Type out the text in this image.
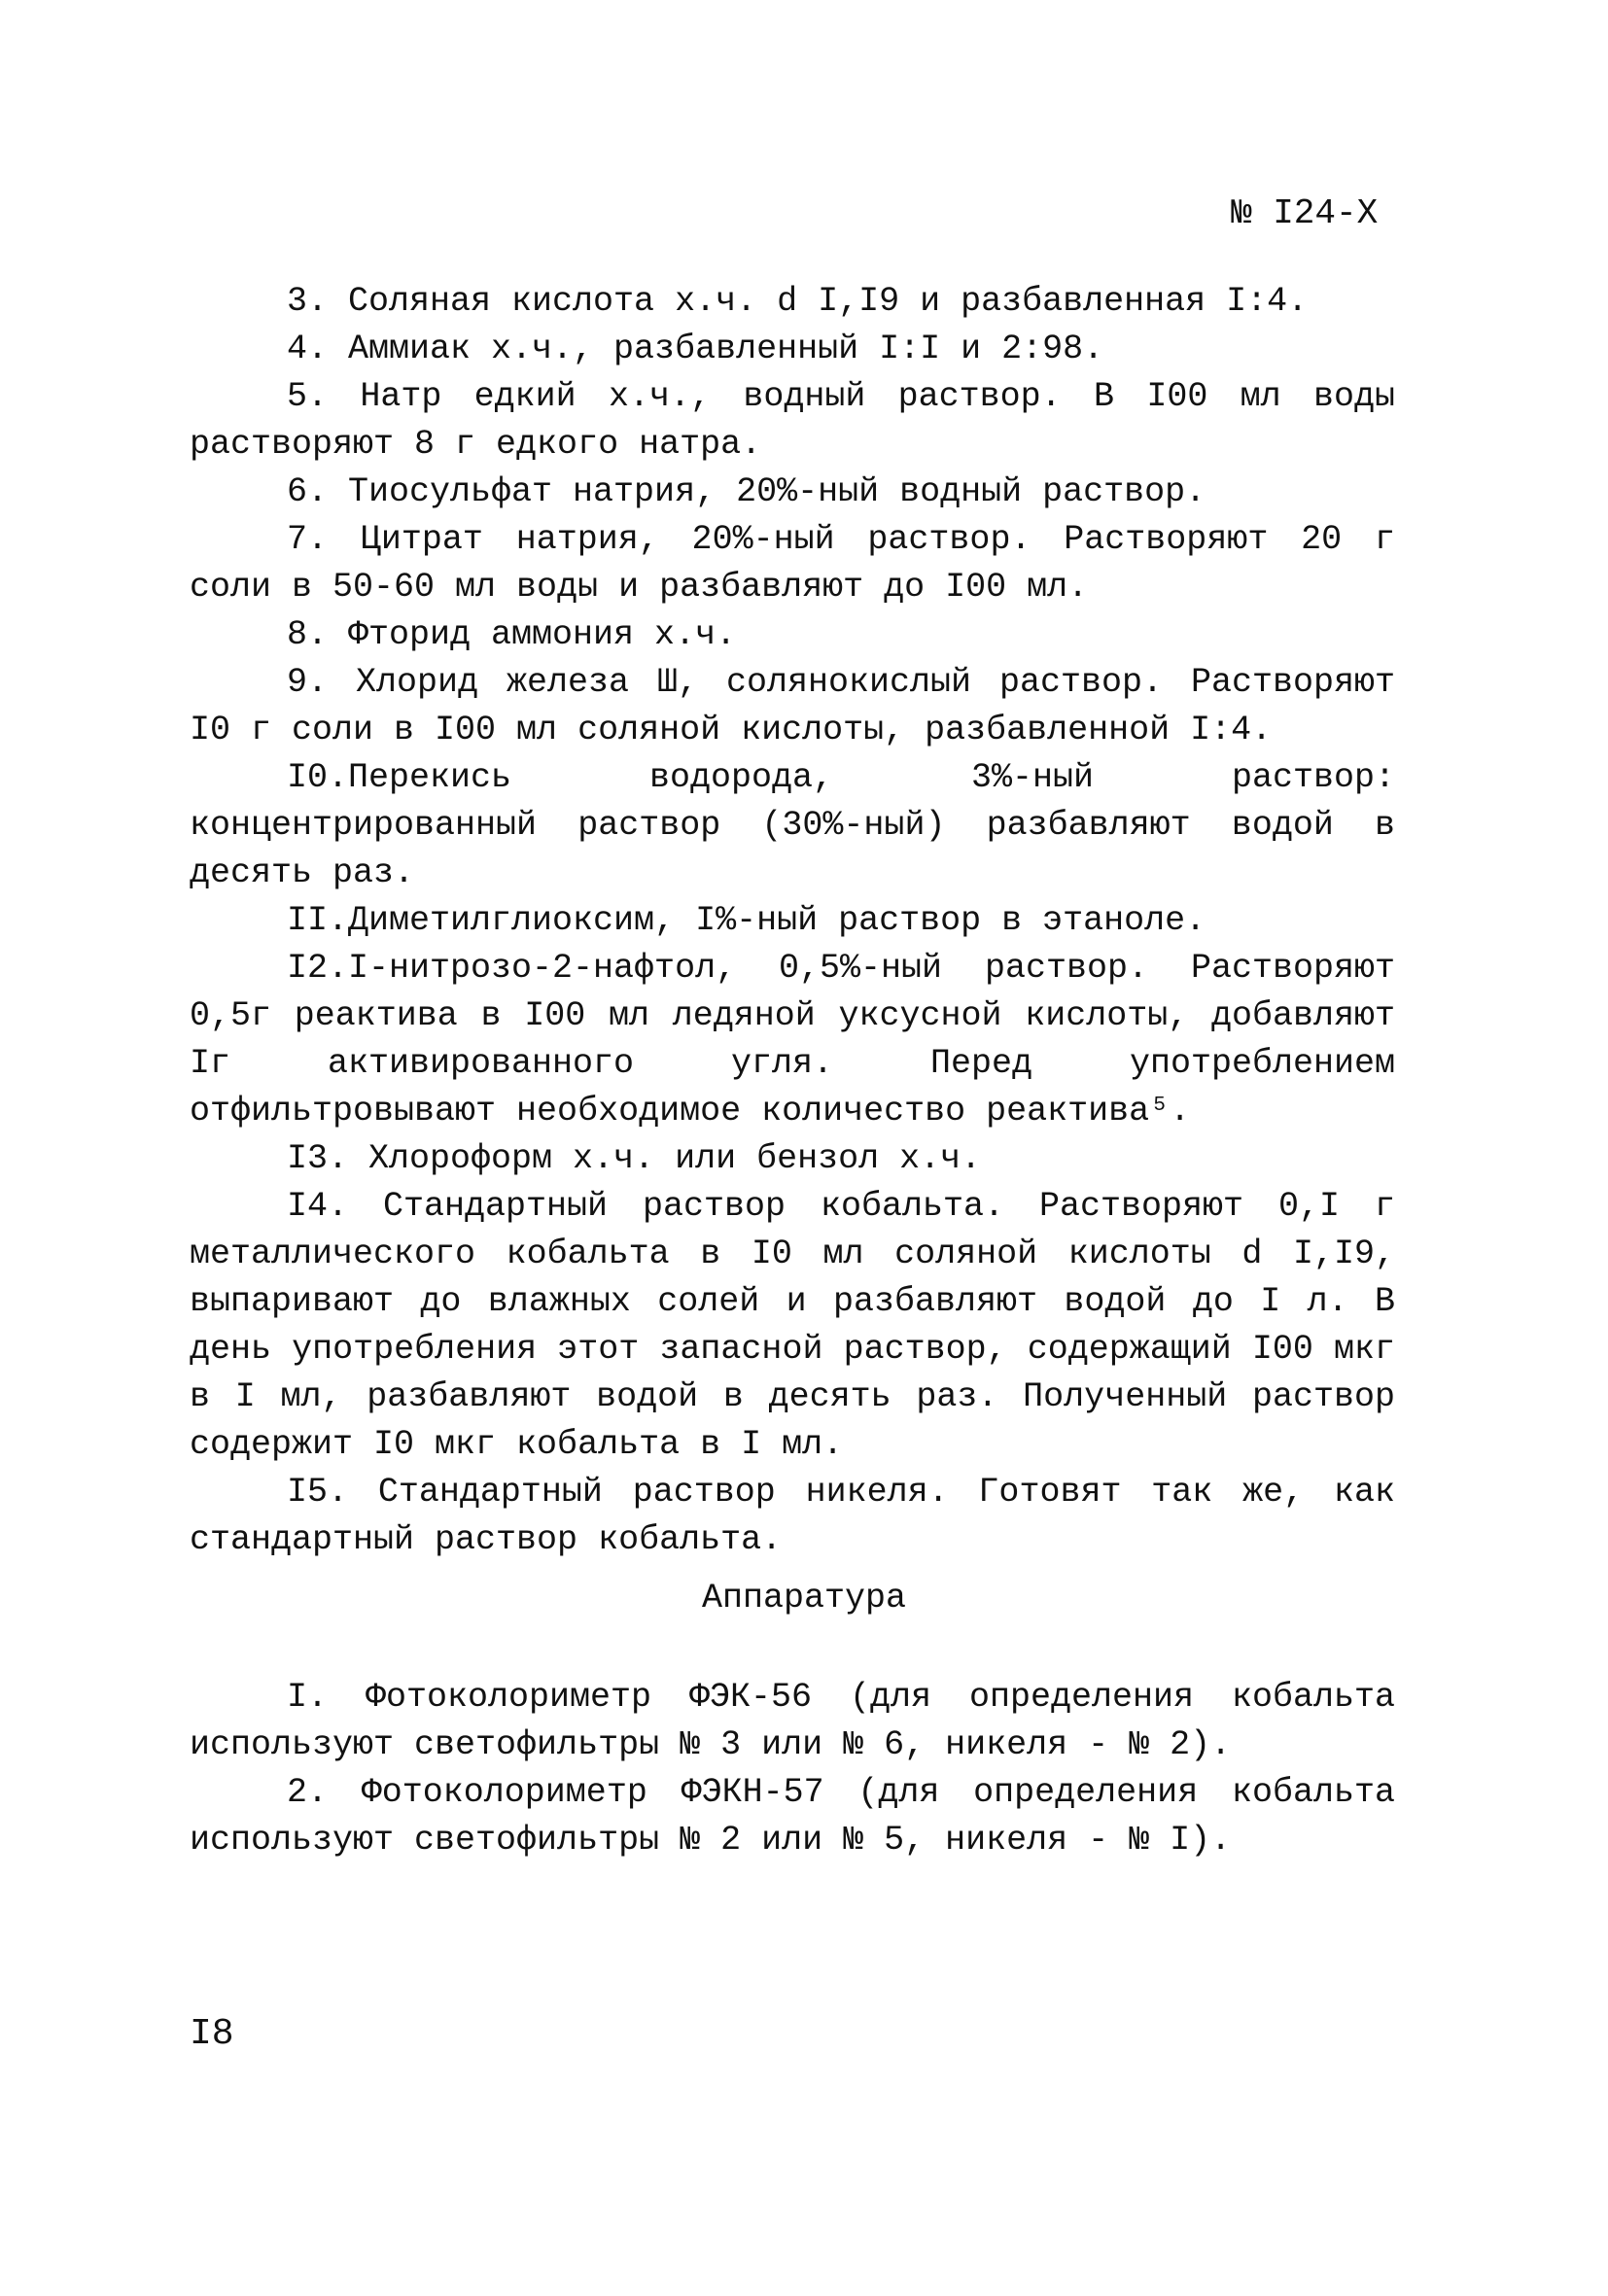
№ I24-X

3. Соляная кислота х.ч. d I,I9 и разбавленная I:4.

4. Аммиак х.ч., разбавленный I:I и 2:98.

5. Натр едкий х.ч., водный раствор. В I00 мл воды растворяют 8 г едкого натра.

6. Тиосульфат натрия, 20%-ный водный раствор.

7. Цитрат натрия, 20%-ный раствор. Растворяют 20 г соли в 50-60 мл воды и разбавляют до I00 мл.

8. Фторид аммония х.ч.

9. Хлорид железа Ш, солянокислый раствор. Растворяют I0 г соли в I00 мл соляной кислоты, разбавленной I:4.

I0.Перекись водорода, 3%-ный раствор: концентрированный раствор (30%-ный) разбавляют водой в десять раз.

II.Диметилглиоксим, I%-ный раствор в этаноле.

I2.I-нитрозо-2-нафтол, 0,5%-ный раствор. Растворяют 0,5г реактива в I00 мл ледяной уксусной кислоты, добавляют Iг активированного угля. Перед употреблением отфильтровывают необходимое количество реактива⁵.

I3. Хлороформ х.ч. или бензол х.ч.

I4. Стандартный раствор кобальта. Растворяют 0,I г металлического кобальта в I0 мл соляной кислоты d I,I9, выпаривают до влажных солей и разбавляют водой до I л. В день употребления этот запасной раствор, содержащий I00 мкг в I мл, разбавляют водой в десять раз. Полученный раствор содержит I0 мкг кобальта в I мл.

I5. Стандартный раствор никеля. Готовят так же, как стандартный раствор кобальта.

Аппаратура

I. Фотоколориметр ФЭК-56 (для определения кобальта используют светофильтры № 3 или № 6, никеля - № 2).

2. Фотоколориметр ФЭКН-57 (для определения кобальта используют светофильтры № 2 или № 5, никеля - № I).

I8
